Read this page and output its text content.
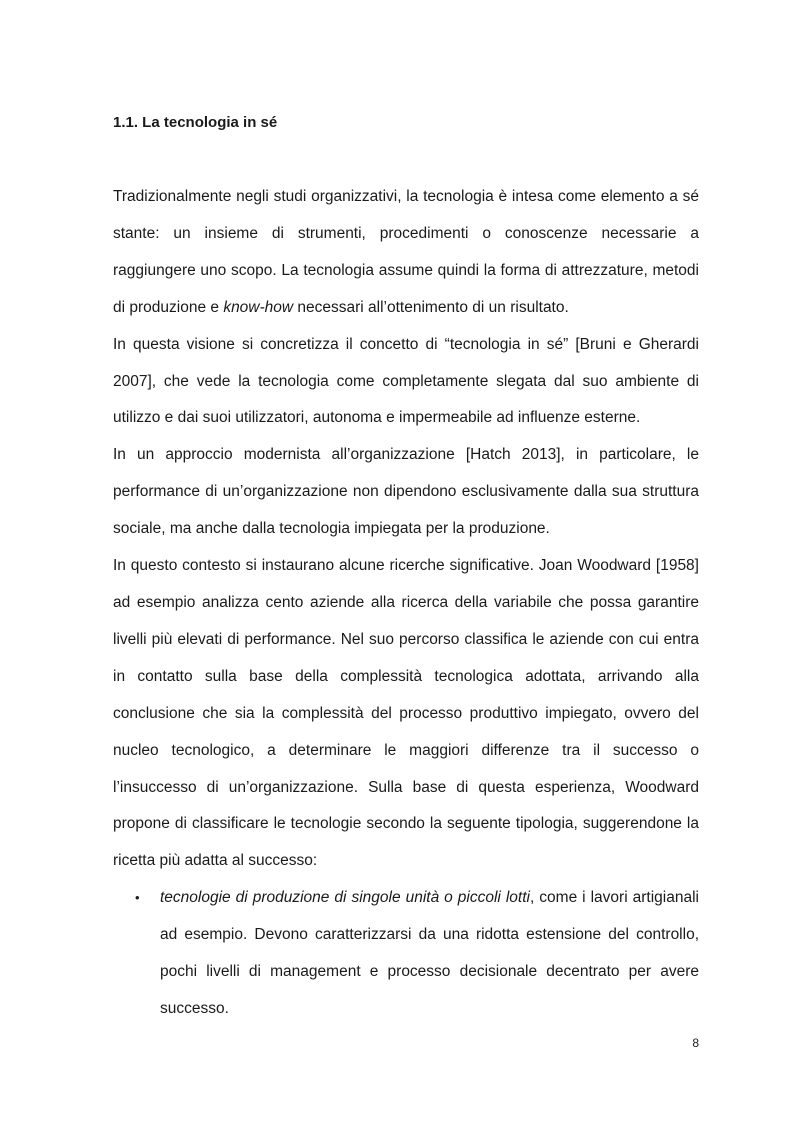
1.1. La tecnologia in sé

Tradizionalmente negli studi organizzativi, la tecnologia è intesa come elemento a sé stante: un insieme di strumenti, procedimenti o conoscenze necessarie a raggiungere uno scopo. La tecnologia assume quindi la forma di attrezzature, metodi di produzione e know-how necessari all’ottenimento di un risultato.

In questa visione si concretizza il concetto di “tecnologia in sé” [Bruni e Gherardi 2007], che vede la tecnologia come completamente slegata dal suo ambiente di utilizzo e dai suoi utilizzatori, autonoma e impermeabile ad influenze esterne.

In un approccio modernista all’organizzazione [Hatch 2013], in particolare, le performance di un’organizzazione non dipendono esclusivamente dalla sua struttura sociale, ma anche dalla tecnologia impiegata per la produzione.

In questo contesto si instaurano alcune ricerche significative. Joan Woodward [1958] ad esempio analizza cento aziende alla ricerca della variabile che possa garantire livelli più elevati di performance. Nel suo percorso classifica le aziende con cui entra in contatto sulla base della complessità tecnologica adottata, arrivando alla conclusione che sia la complessità del processo produttivo impiegato, ovvero del nucleo tecnologico, a determinare le maggiori differenze tra il successo o l’insuccesso di un’organizzazione. Sulla base di questa esperienza, Woodward propone di classificare le tecnologie secondo la seguente tipologia, suggerendone la ricetta più adatta al successo:

• tecnologie di produzione di singole unità o piccoli lotti, come i lavori artigianali ad esempio. Devono caratterizzarsi da una ridotta estensione del controllo, pochi livelli di management e processo decisionale decentrato per avere successo.
8
